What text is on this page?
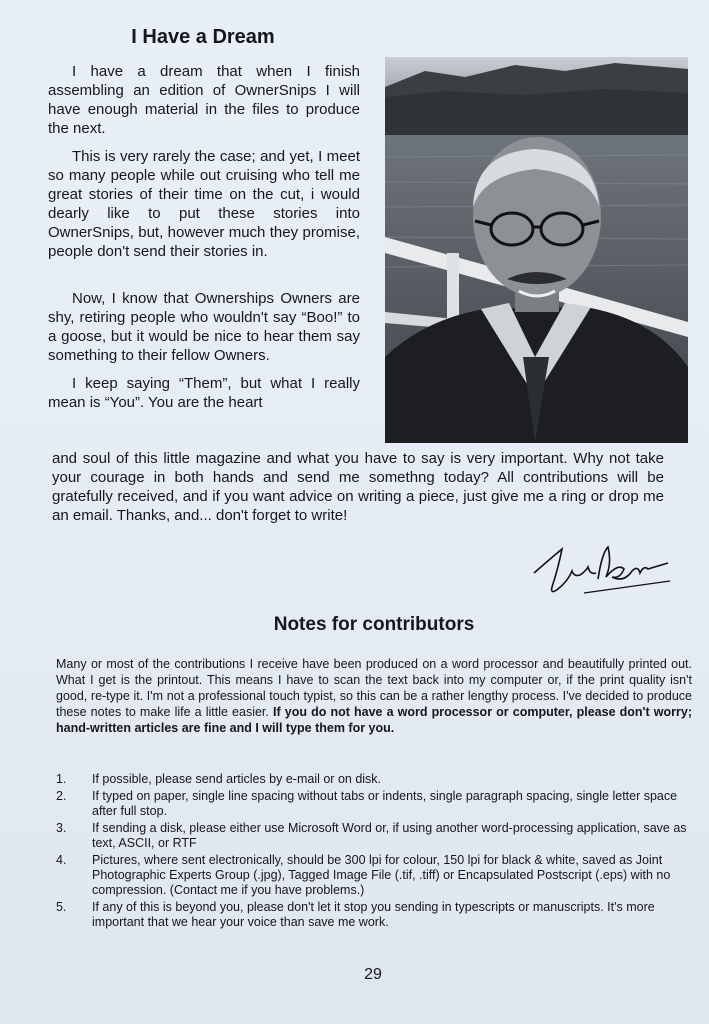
I Have a Dream

I have a dream that when I finish assembling an edition of OwnerSnips I will have enough material in the files to produce the next.

This is very rarely the case; and yet, I meet so many people while out cruising who tell me great stories of their time on the cut, i would dearly like to put these stories into OwnerSnips, but, however much they promise, people don't send their stories in.

Now, I know that Ownerships Owners are shy, retiring people who wouldn't say “Boo!” to a goose, but it would be nice to hear them say something to their fellow Owners.

I keep saying “Them”, but what I really mean is “You”. You are the heart

and soul of this little magazine and what you have to say is very important. Why not take your courage in both hands and send me somethng today? All contributions will be gratefully received, and if you want advice on writing a piece, just give me a ring or drop me an email. Thanks, and... don't forget to write!

Notes for contributors

Many or most of the contributions I receive have been produced on a word processor and beautifully printed out. What I get is the printout. This means I have to scan the text back into my computer or, if the print quality isn't good, re-type it. I'm not a professional touch typist, so this can be a rather lengthy process. I've decided to produce these notes to make life a little easier. If you do not have a word processor or computer, please don't worry; hand-written articles are fine and I will type them for you.

1.	If possible, please send articles by e-mail or on disk.
2.	If typed on paper, single line spacing without tabs or indents, single paragraph spacing, single letter space after full stop.
3.	If sending a disk, please either use Microsoft Word or, if using another word-processing application, save as text, ASCII, or RTF
4.	Pictures, where sent electronically, should be 300 lpi for colour, 150 lpi for black & white, saved as Joint Photographic Experts Group (.jpg), Tagged Image File (.tif, .tiff) or Encapsulated Postscript (.eps) with no compression. (Contact me if you have problems.)
5.	If any of this is beyond you, please don't let it stop you sending in typescripts or manuscripts. It's more important that we hear your voice than save me work.
29
